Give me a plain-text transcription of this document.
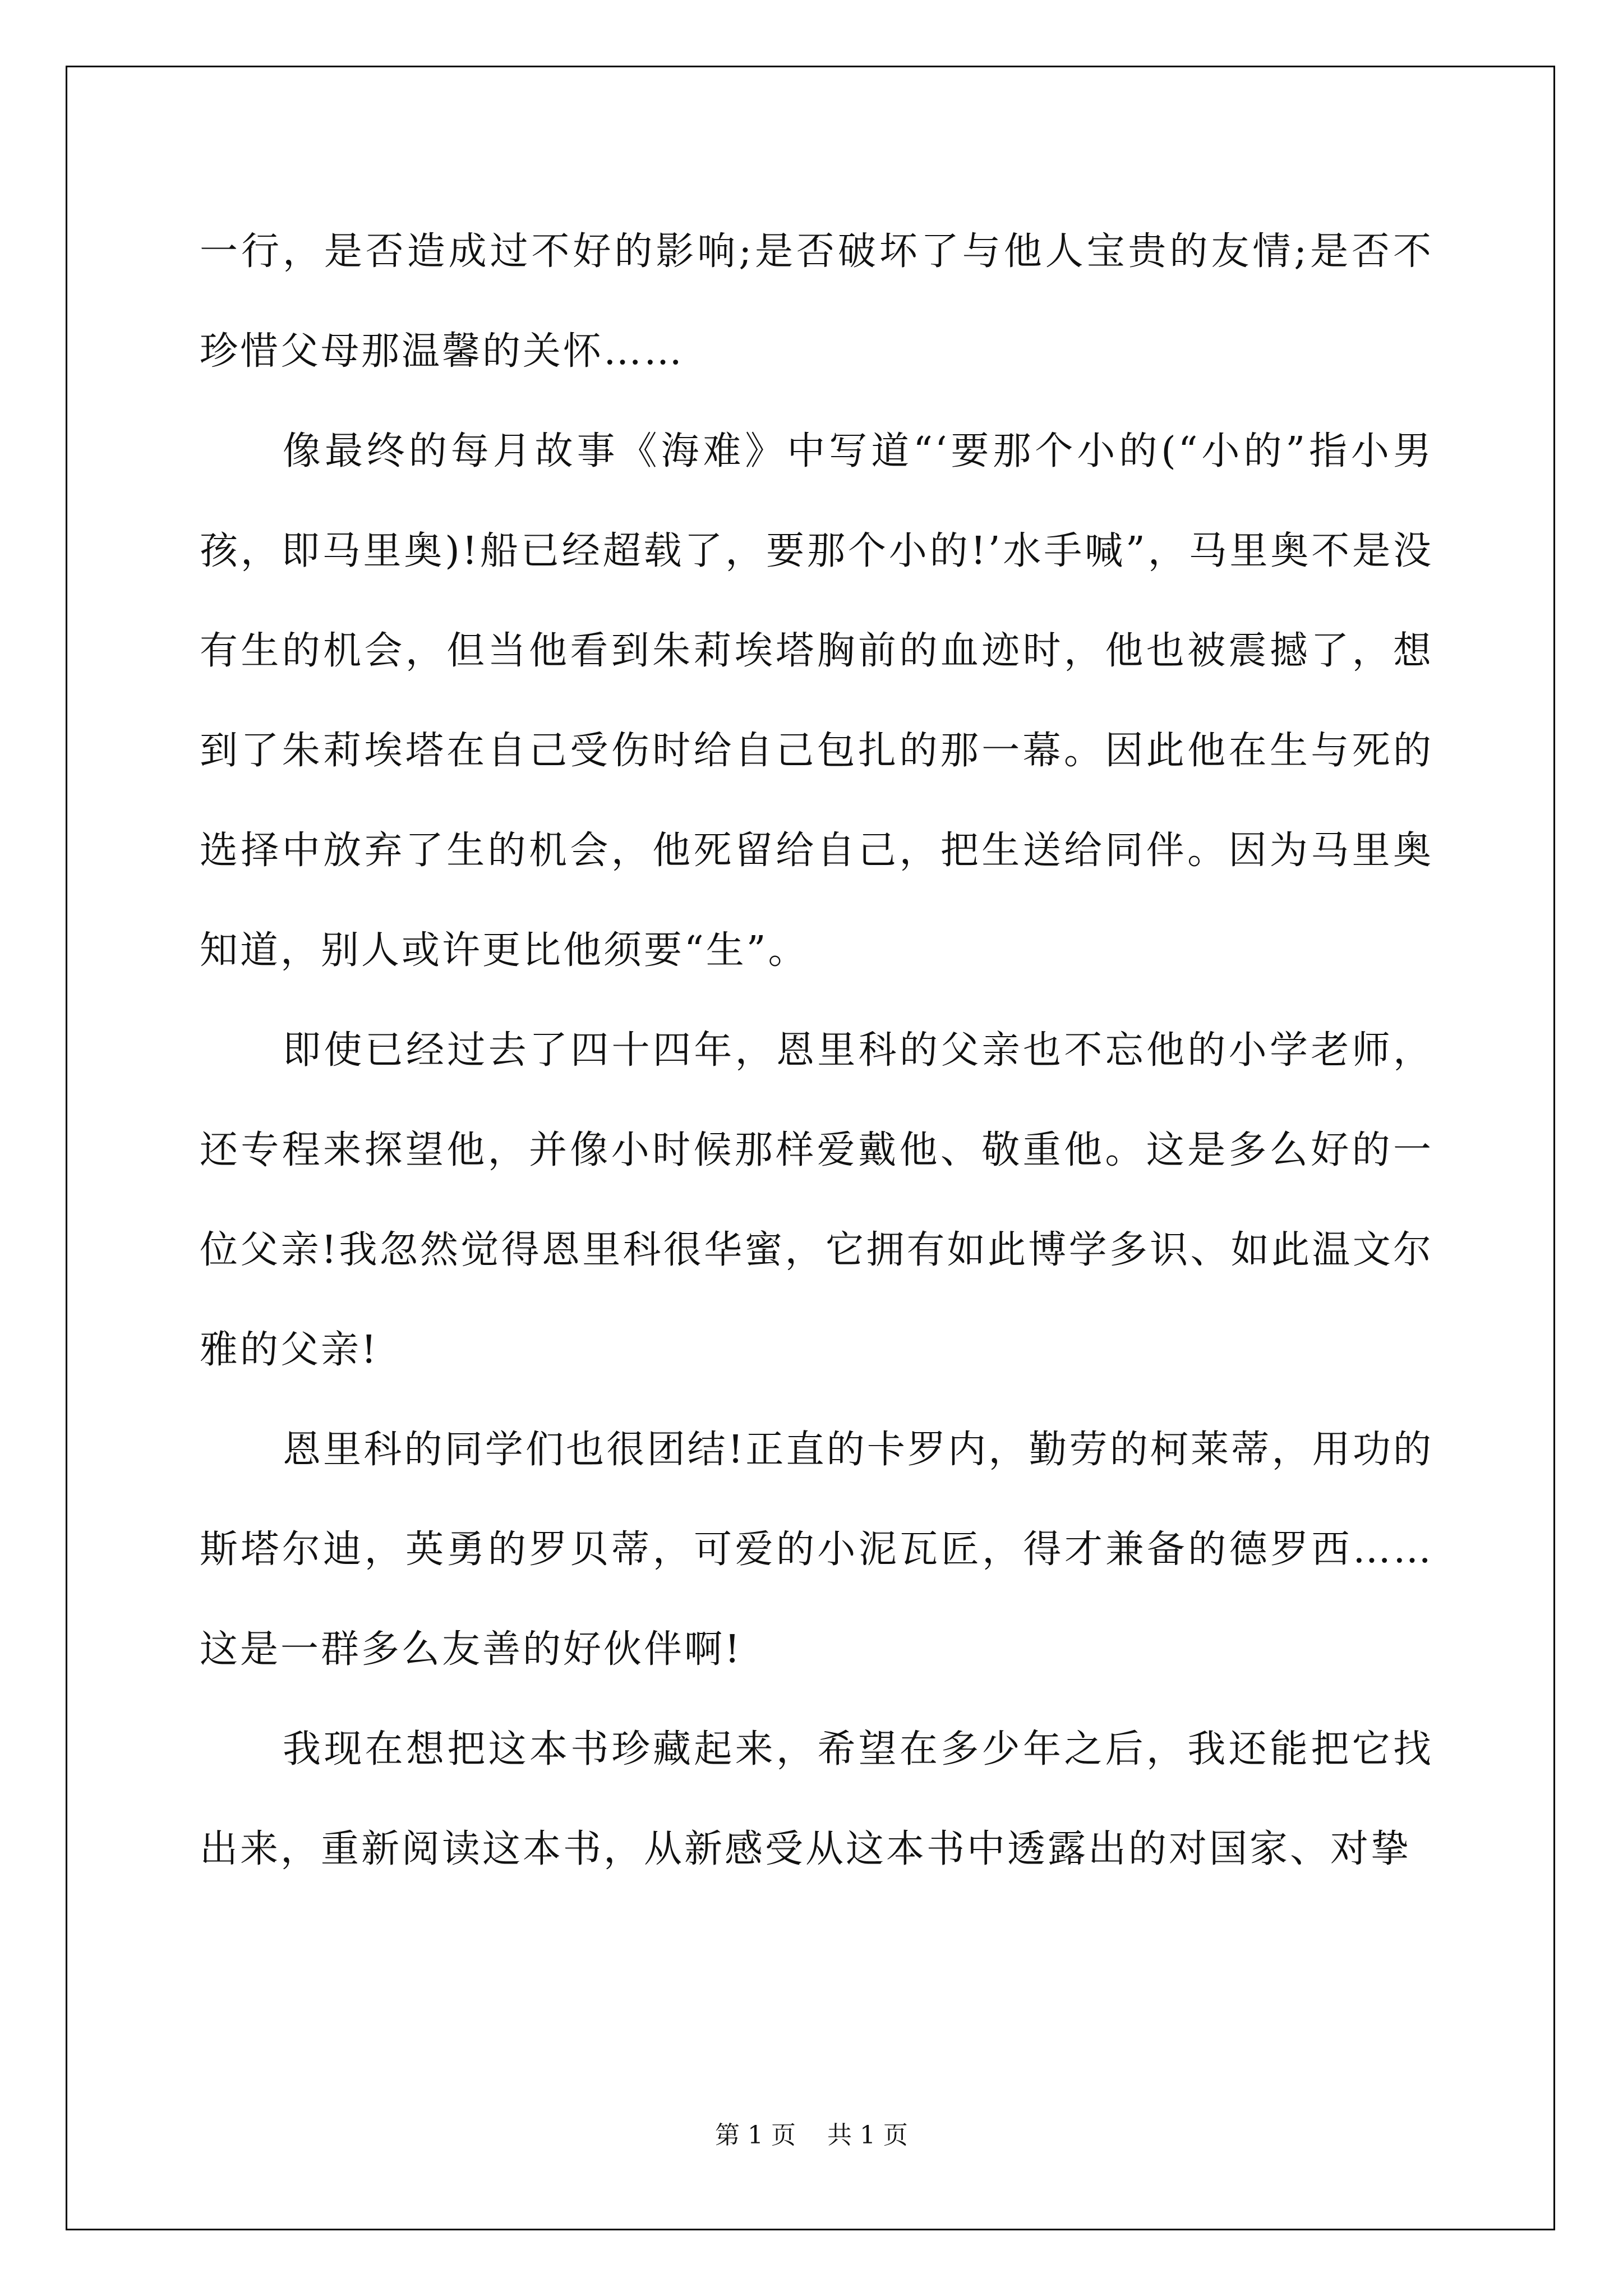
一行，是否造成过不好的影响;是否破坏了与他人宝贵的友情;是否不珍惜父母那温馨的关怀……

像最终的每月故事《海难》中写道“‘要那个小的(“小的”指小男孩，即马里奥)!船已经超载了，要那个小的!’水手喊”，马里奥不是没有生的机会，但当他看到朱莉埃塔胸前的血迹时，他也被震撼了，想到了朱莉埃塔在自己受伤时给自己包扎的那一幕。因此他在生与死的选择中放弃了生的机会，他死留给自己，把生送给同伴。因为马里奥知道，别人或许更比他须要“生”。

即使已经过去了四十四年，恩里科的父亲也不忘他的小学老师，还专程来探望他，并像小时候那样爱戴他、敬重他。这是多么好的一位父亲!我忽然觉得恩里科很华蜜，它拥有如此博学多识、如此温文尔雅的父亲!

恩里科的同学们也很团结!正直的卡罗内，勤劳的柯莱蒂，用功的斯塔尔迪，英勇的罗贝蒂，可爱的小泥瓦匠，得才兼备的德罗西……这是一群多么友善的好伙伴啊!

我现在想把这本书珍藏起来，希望在多少年之后，我还能把它找出来，重新阅读这本书，从新感受从这本书中透露出的对国家、对挚

第 1 页    共 1 页
